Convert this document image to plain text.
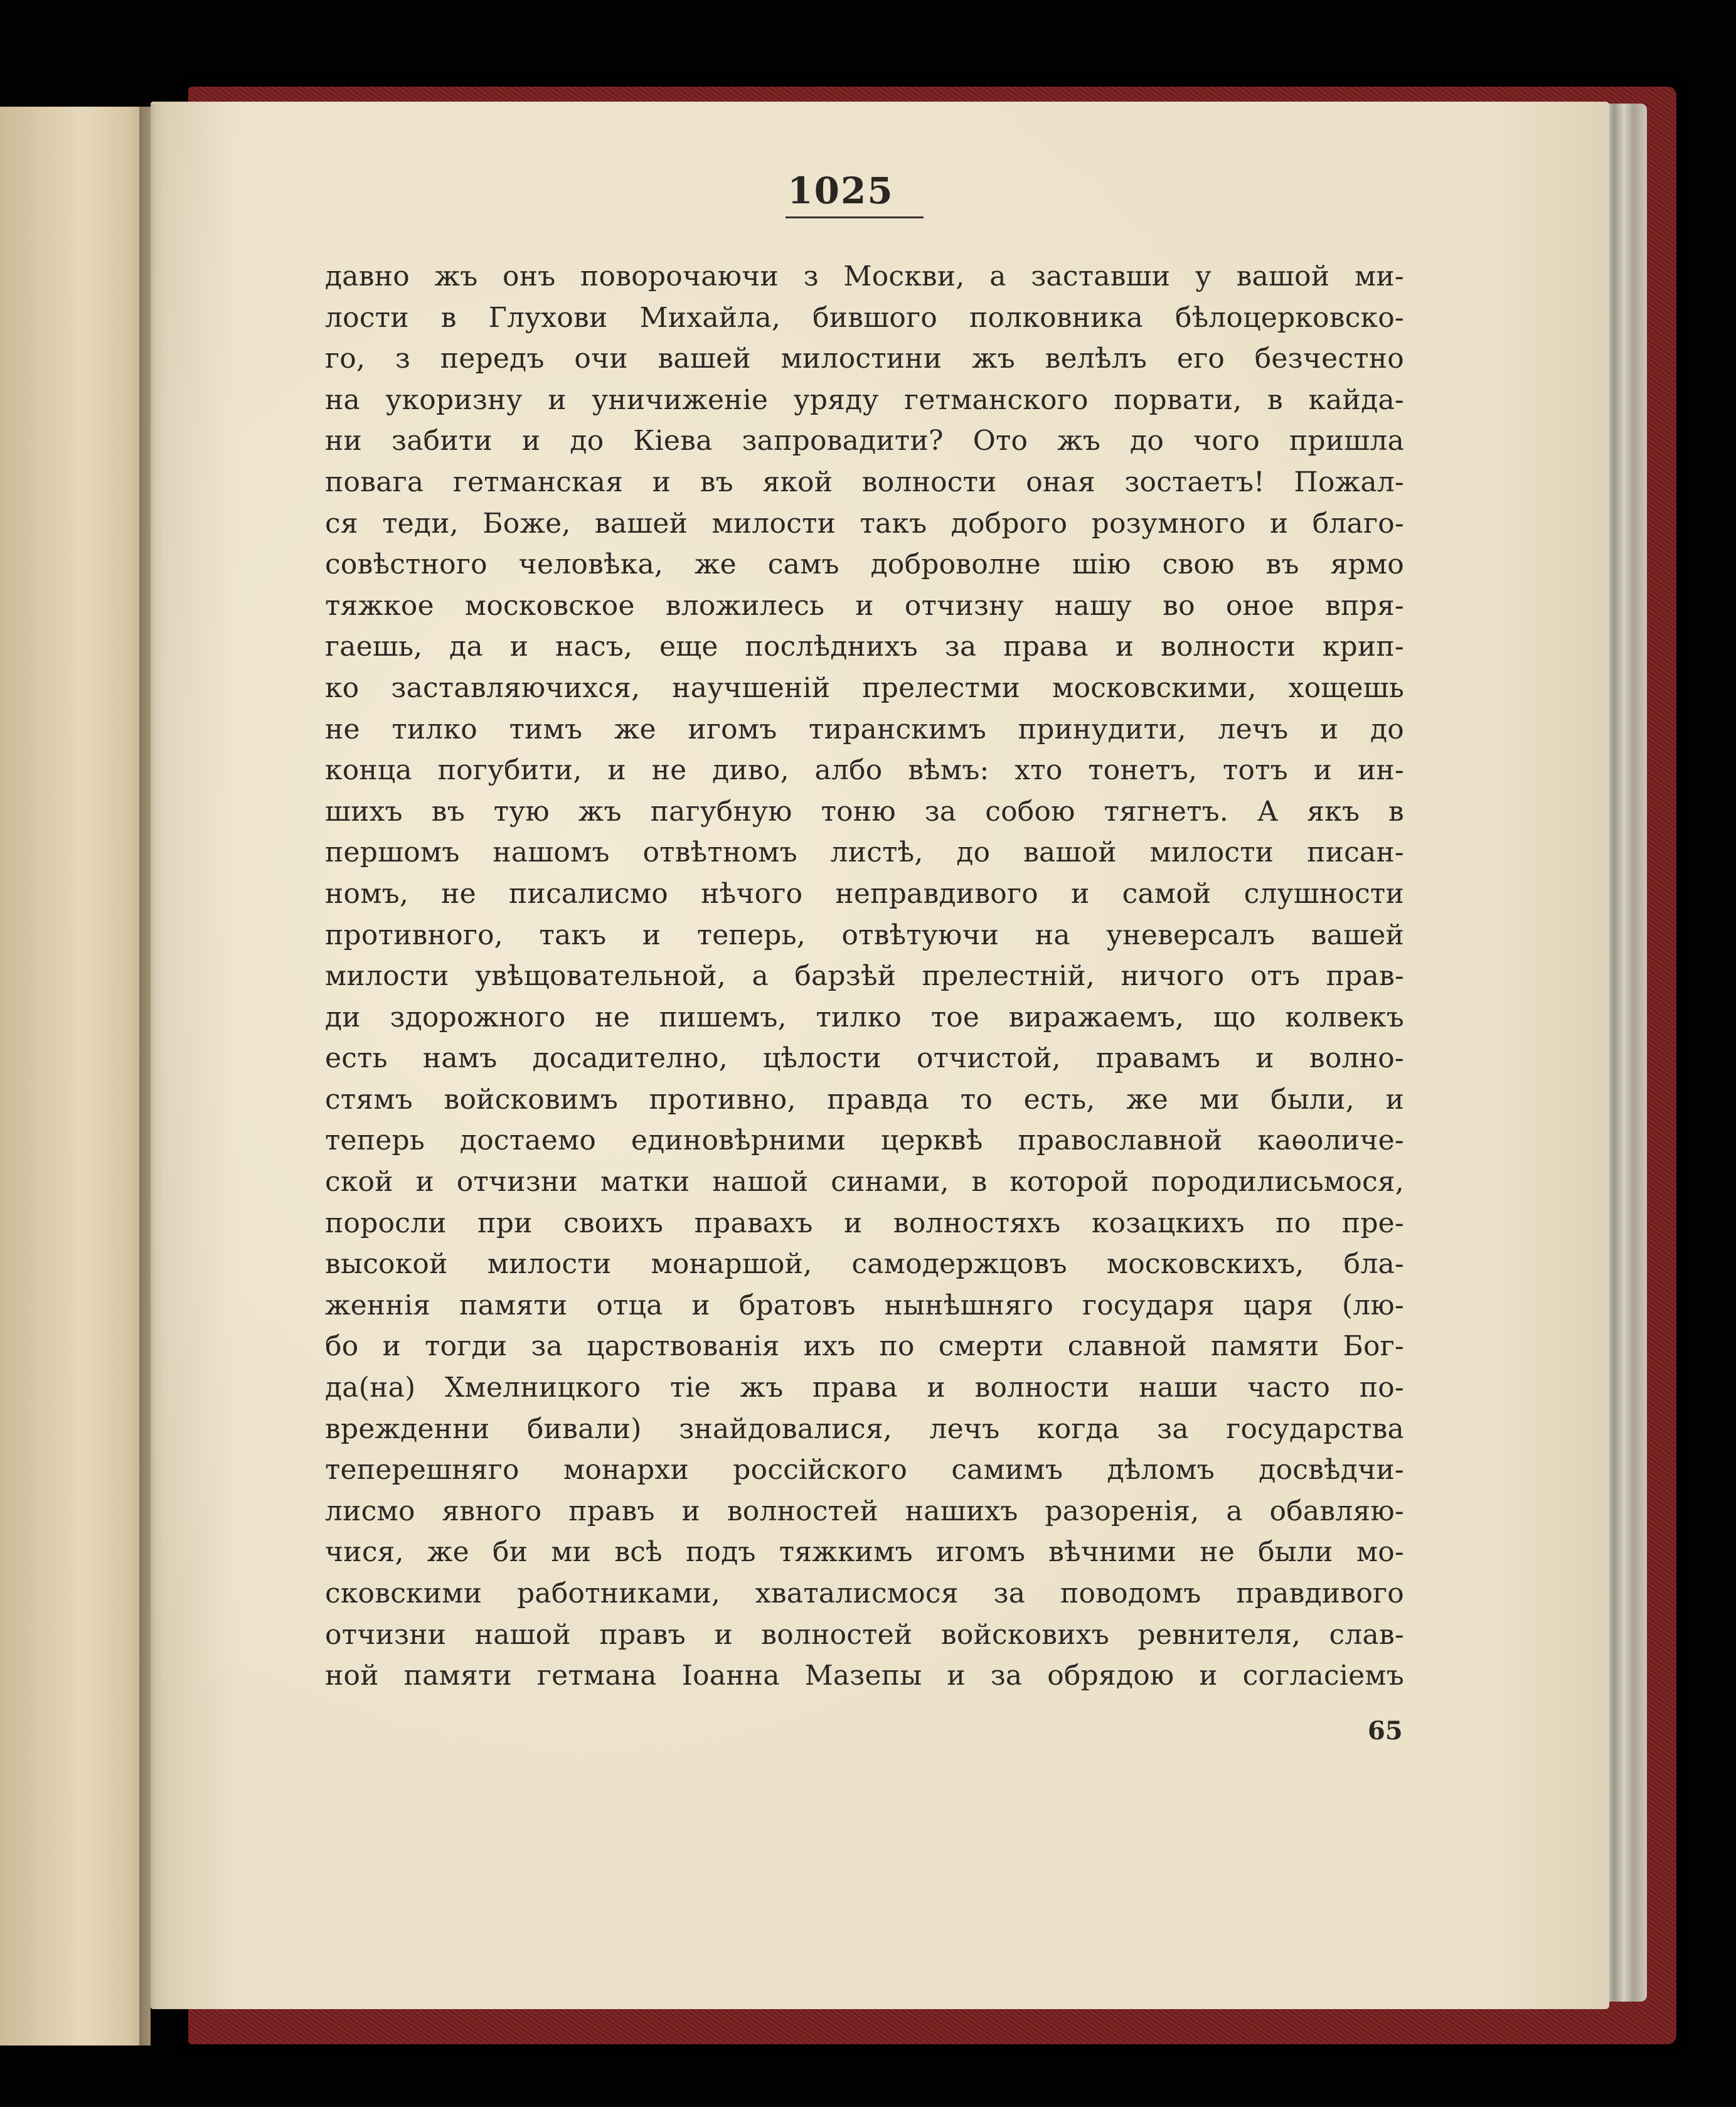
1025
давно жъ онъ поворочаючи з Москви, а заставши у вашой ми-
лости в Глухови Михайла, бившого полковника бѣлоцерковско-
го, з передъ очи вашей милостини жъ велѣлъ его безчестно
на укоризну и уничиженіе уряду гетманского порвати, в кайда-
ни забити и до Кіева запровадити? Ото жъ до чого пришла
повага гетманская и въ якой волности оная зостаетъ! Пожал-
ся теди, Боже, вашей милости такъ доброго розумного и благо-
совѣстного человѣка, же самъ доброволне шію свою въ ярмо
тяжкое московское вложилесь и отчизну нашу во оное впря-
гаешь, да и насъ, еще послѣднихъ за права и волности крип-
ко заставляючихся, научшеній прелестми московскими, хощешь
не тилко тимъ же игомъ тиранскимъ принудити, лечъ и до
конца погубити, и не диво, албо вѣмъ: хто тонетъ, тотъ и ин-
шихъ въ тую жъ пагубную тоню за собою тягнетъ. А якъ в
першомъ нашомъ отвѣтномъ листѣ, до вашой милости писан-
номъ, не писалисмо нѣчого неправдивого и самой слушности
противного, такъ и теперь, отвѣтуючи на уневерсалъ вашей
милости увѣщовательной, а барзѣй прелестній, ничого отъ прав-
ди здорожного не пишемъ, тилко тое виражаемъ, що колвекъ
есть намъ досадително, цѣлости отчистой, правамъ и волно-
стямъ войсковимъ противно, правда то есть, же ми были, и
теперь достаемо единовѣрними церквѣ православной каѳоличе-
ской и отчизни матки нашой синами, в которой породилисьмося,
поросли при своихъ правахъ и волностяхъ козацкихъ по пре-
высокой милости монаршой, самодержцовъ московскихъ, бла-
женнія памяти отца и братовъ нынѣшняго государя царя (лю-
бо и тогди за царствованія ихъ по смерти славной памяти Бог-
да(на) Хмелницкого тіе жъ права и волности наши часто по-
врежденни бивали) знайдовалися, лечъ когда за государства
теперешняго монархи россійского самимъ дѣломъ досвѣдчи-
лисмо явного правъ и волностей нашихъ разоренія, а обавляю-
чися, же би ми всѣ подъ тяжкимъ игомъ вѣчними не были мо-
сковскими работниками, хваталисмося за поводомъ правдивого
отчизни нашой правъ и волностей войсковихъ ревнителя, слав-
ной памяти гетмана Іоанна Мазепы и за обрядою и согласіемъ
65
